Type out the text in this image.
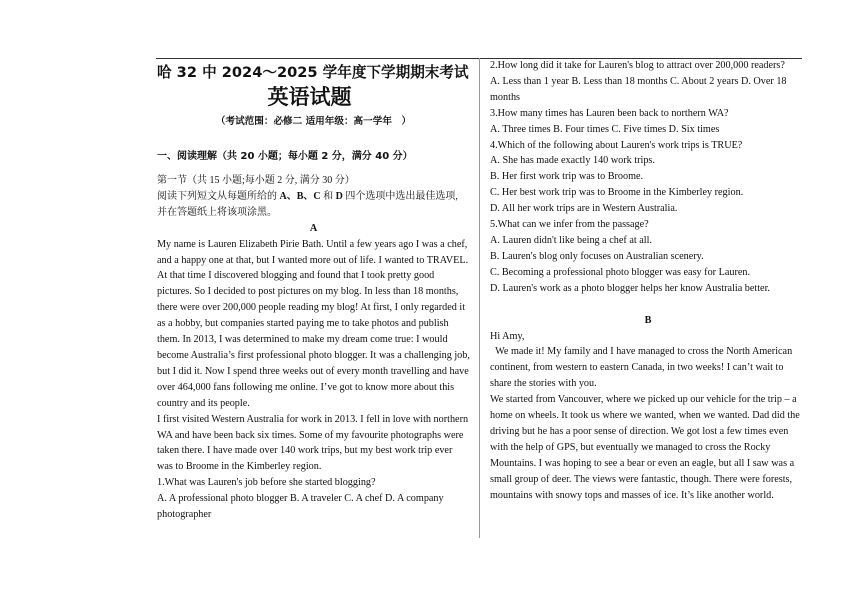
哈 32 中 2024～2025 学年度下学期期末考试
英语试题
（考试范围：必修二 适用年级：高一学年　）
一、阅读理解（共 20 小题；每小题 2 分，满分 40 分）
第一节（共 15 小题;每小题 2 分, 满分 30 分）
阅读下列短文从每题所给的 A、B、C 和 D 四个选项中选出最佳选项, 并在答题纸上将该项涂黑。
A

My name is Lauren Elizabeth Pirie Bath. Until a few years ago I was a chef, and a happy one at that, but I wanted more out of life. I wanted to TRAVEL. At that time I discovered blogging and found that I took pretty good pictures. So I decided to post pictures on my blog. In less than 18 months, there were over 200,000 people reading my blog! At first, I only regarded it as a hobby, but companies started paying me to take photos and publish them. In 2013, I was determined to make my dream come true: I would become Australia’s first professional photo blogger. It was a challenging job, but I did it. Now I spend three weeks out of every month travelling and have over 464,000 fans following me online. I’ve got to know more about this country and its people.

I first visited Western Australia for work in 2013. I fell in love with northern WA and have been back six times. Some of my favourite photographs were taken there. I have made over 140 work trips, but my best work trip ever was to Broome in the Kimberley region.

1.What was Lauren's job before she started blogging?

A. A professional photo blogger B. A traveler C. A chef D. A company photographer

2.How long did it take for Lauren's blog to attract over 200,000 readers?

A. Less than 1 year B. Less than 18 months C. About 2 years D. Over 18 months

3.How many times has Lauren been back to northern WA?

A. Three times B. Four times C. Five times D. Six times

4.Which of the following about Lauren's work trips is TRUE?

A. She has made exactly 140 work trips.

B. Her first work trip was to Broome.

C. Her best work trip was to Broome in the Kimberley region.

D. All her work trips are in Western Australia.

5.What can we infer from the passage?

A. Lauren didn't like being a chef at all.

B. Lauren's blog only focuses on Australian scenery.

C. Becoming a professional photo blogger was easy for Lauren.

D. Lauren's work as a photo blogger helps her know Australia better.

B

Hi Amy,

We made it! My family and I have managed to cross the North American continent, from western to eastern Canada, in two weeks! I can’t wait to share the stories with you.

We started from Vancouver, where we picked up our vehicle for the trip – a home on wheels. It took us where we wanted, when we wanted. Dad did the driving but he has a poor sense of direction. We got lost a few times even with the help of GPS, but eventually we managed to cross the Rocky Mountains. I was hoping to see a bear or even an eagle, but all I saw was a small group of deer. The views were fantastic, though. There were forests, mountains with snowy tops and masses of ice. It’s like another world.
